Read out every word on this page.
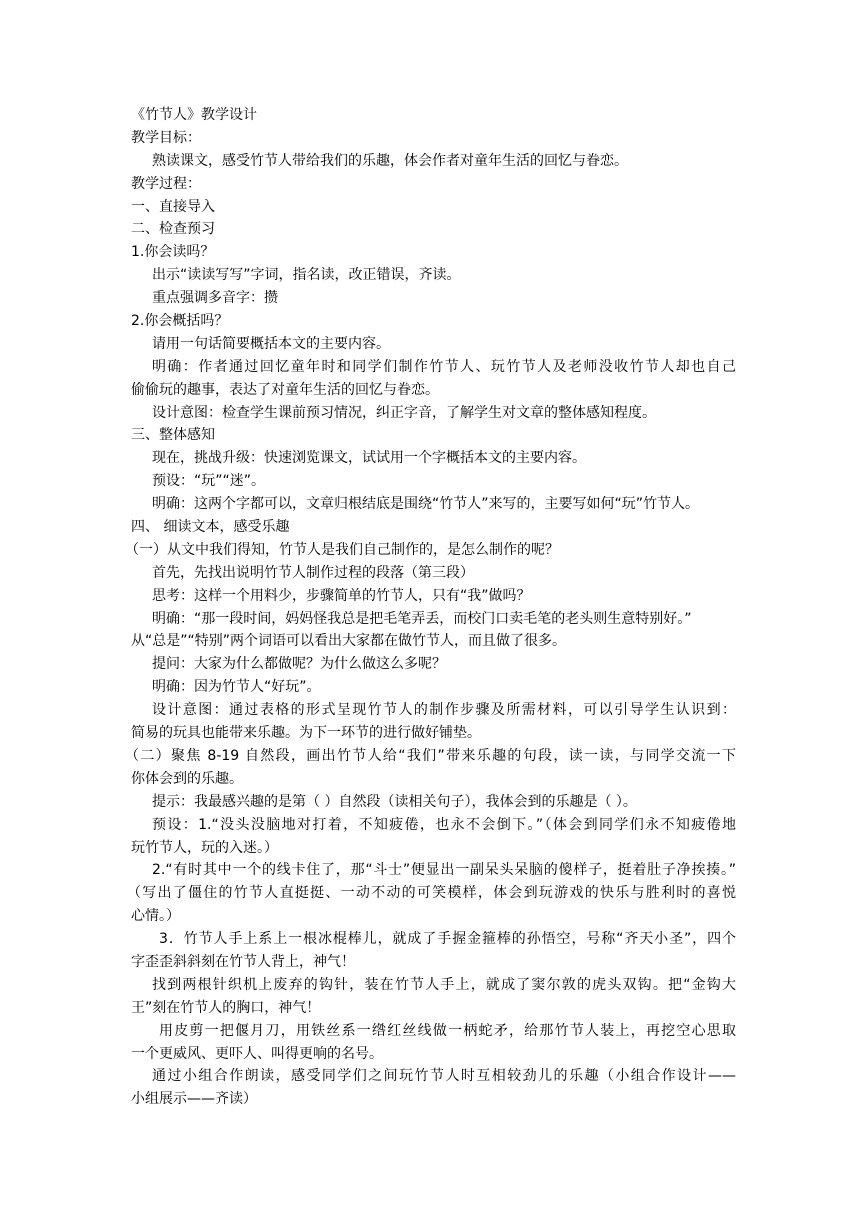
《竹节人》教学设计
教学目标：
熟读课文，感受竹节人带给我们的乐趣，体会作者对童年生活的回忆与眷恋。
教学过程：
一、直接导入
二、检查预习
1.你会读吗？
出示“读读写写”字词，指名读，改正错误，齐读。
重点强调多音字：攒
2.你会概括吗？
请用一句话简要概括本文的主要内容。
明确：作者通过回忆童年时和同学们制作竹节人、玩竹节人及老师没收竹节人却也自己
偷偷玩的趣事，表达了对童年生活的回忆与眷恋。
设计意图：检查学生课前预习情况，纠正字音，了解学生对文章的整体感知程度。
三、整体感知
现在，挑战升级：快速浏览课文，试试用一个字概括本文的主要内容。
预设：“玩”“迷”。
明确：这两个字都可以，文章归根结底是围绕“竹节人”来写的，主要写如何“玩”竹节人。
四、 细读文本，感受乐趣
（一）从文中我们得知，竹节人是我们自己制作的，是怎么制作的呢？
首先，先找出说明竹节人制作过程的段落（第三段）
思考：这样一个用料少，步骤简单的竹节人，只有“我”做吗？
明确：“那一段时间，妈妈怪我总是把毛笔弄丢，而校门口卖毛笔的老头则生意特别好。”
从“总是”“特别”两个词语可以看出大家都在做竹节人，而且做了很多。
提问：大家为什么都做呢？为什么做这么多呢？
明确：因为竹节人“好玩”。
设计意图：通过表格的形式呈现竹节人的制作步骤及所需材料，可以引导学生认识到：
简易的玩具也能带来乐趣。为下一环节的进行做好铺垫。
（二）聚焦 8-19 自然段，画出竹节人给“我们”带来乐趣的句段，读一读，与同学交流一下
你体会到的乐趣。
提示：我最感兴趣的是第（ ）自然段（读相关句子），我体会到的乐趣是（ ）。
预设：1.“没头没脑地对打着，不知疲倦，也永不会倒下。”（体会到同学们永不知疲倦地
玩竹节人，玩的入迷。）
2.“有时其中一个的线卡住了，那“斗士”便显出一副呆头呆脑的傻样子，挺着肚子净挨揍。”
（写出了僵住的竹节人直挺挺、一动不动的可笑模样，体会到玩游戏的快乐与胜利时的喜悦
心情。）
3．竹节人手上系上一根冰棍棒儿，就成了手握金箍棒的孙悟空，号称“齐天小圣”，四个
字歪歪斜斜刻在竹节人背上，神气！
找到两根针织机上废弃的钩针，装在竹节人手上，就成了窦尔敦的虎头双钩。把“金钩大
王”刻在竹节人的胸口，神气！
用皮剪一把偃月刀，用铁丝系一绺红丝线做一柄蛇矛，给那竹节人装上，再挖空心思取
一个更威风、更吓人、叫得更响的名号。
通过小组合作朗读，感受同学们之间玩竹节人时互相较劲儿的乐趣（小组合作设计——
小组展示——齐读）
